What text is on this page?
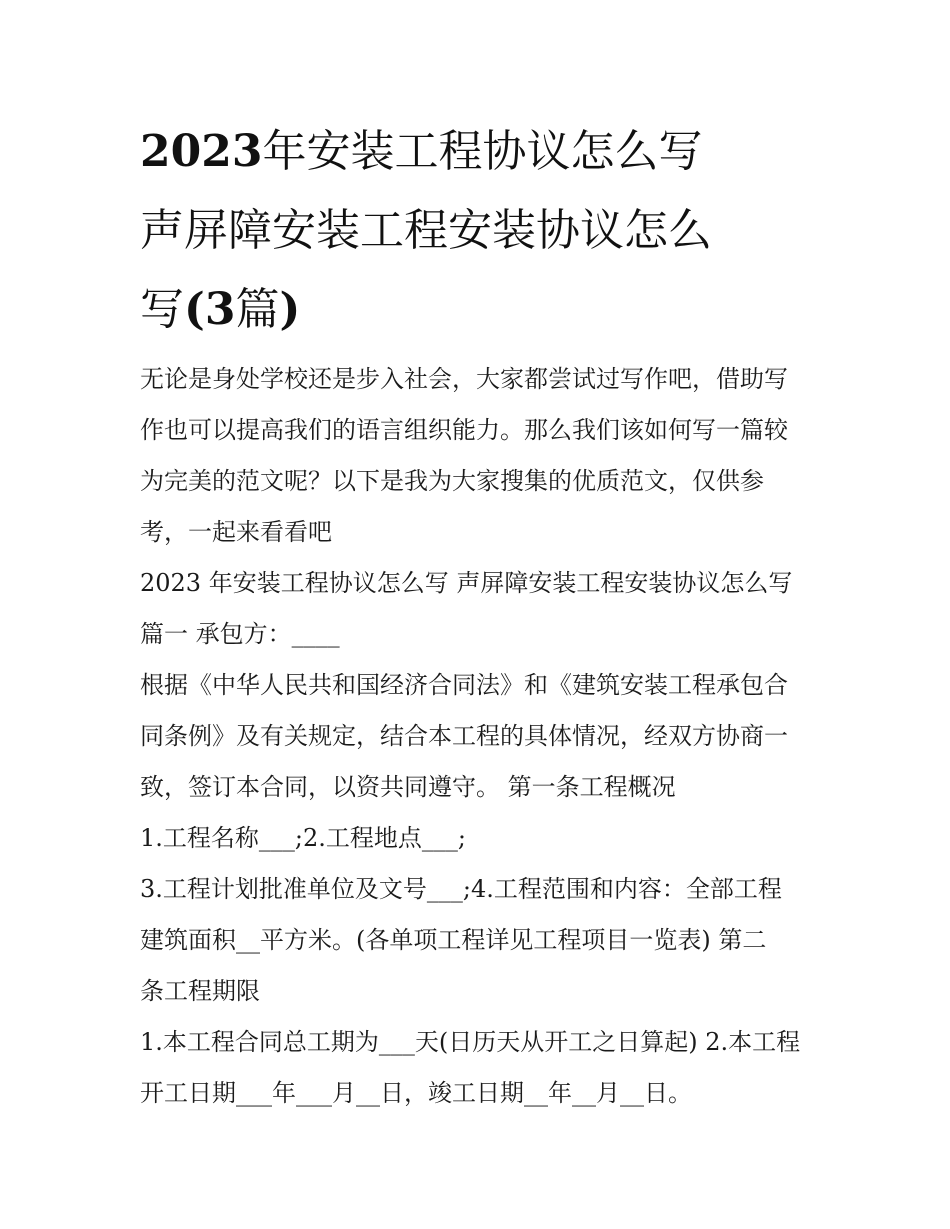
2023年安装工程协议怎么写
声屏障安装工程安装协议怎么
写(3篇)
无论是身处学校还是步入社会，大家都尝试过写作吧，借助写
作也可以提高我们的语言组织能力。那么我们该如何写一篇较
为完美的范文呢？以下是我为大家搜集的优质范文，仅供参
考，一起来看看吧
2023 年安装工程协议怎么写 声屏障安装工程安装协议怎么写
篇一 承包方：____
根据《中华人民共和国经济合同法》和《建筑安装工程承包合
同条例》及有关规定，结合本工程的具体情况，经双方协商一
致，签订本合同，以资共同遵守。 第一条工程概况
1.工程名称___;2.工程地点___;
3.工程计划批准单位及文号___;4.工程范围和内容：全部工程
建筑面积__平方米。(各单项工程详见工程项目一览表) 第二
条工程期限
1.本工程合同总工期为___天(日历天从开工之日算起) 2.本工程
开工日期___年___月__日，竣工日期__年__月__日。
